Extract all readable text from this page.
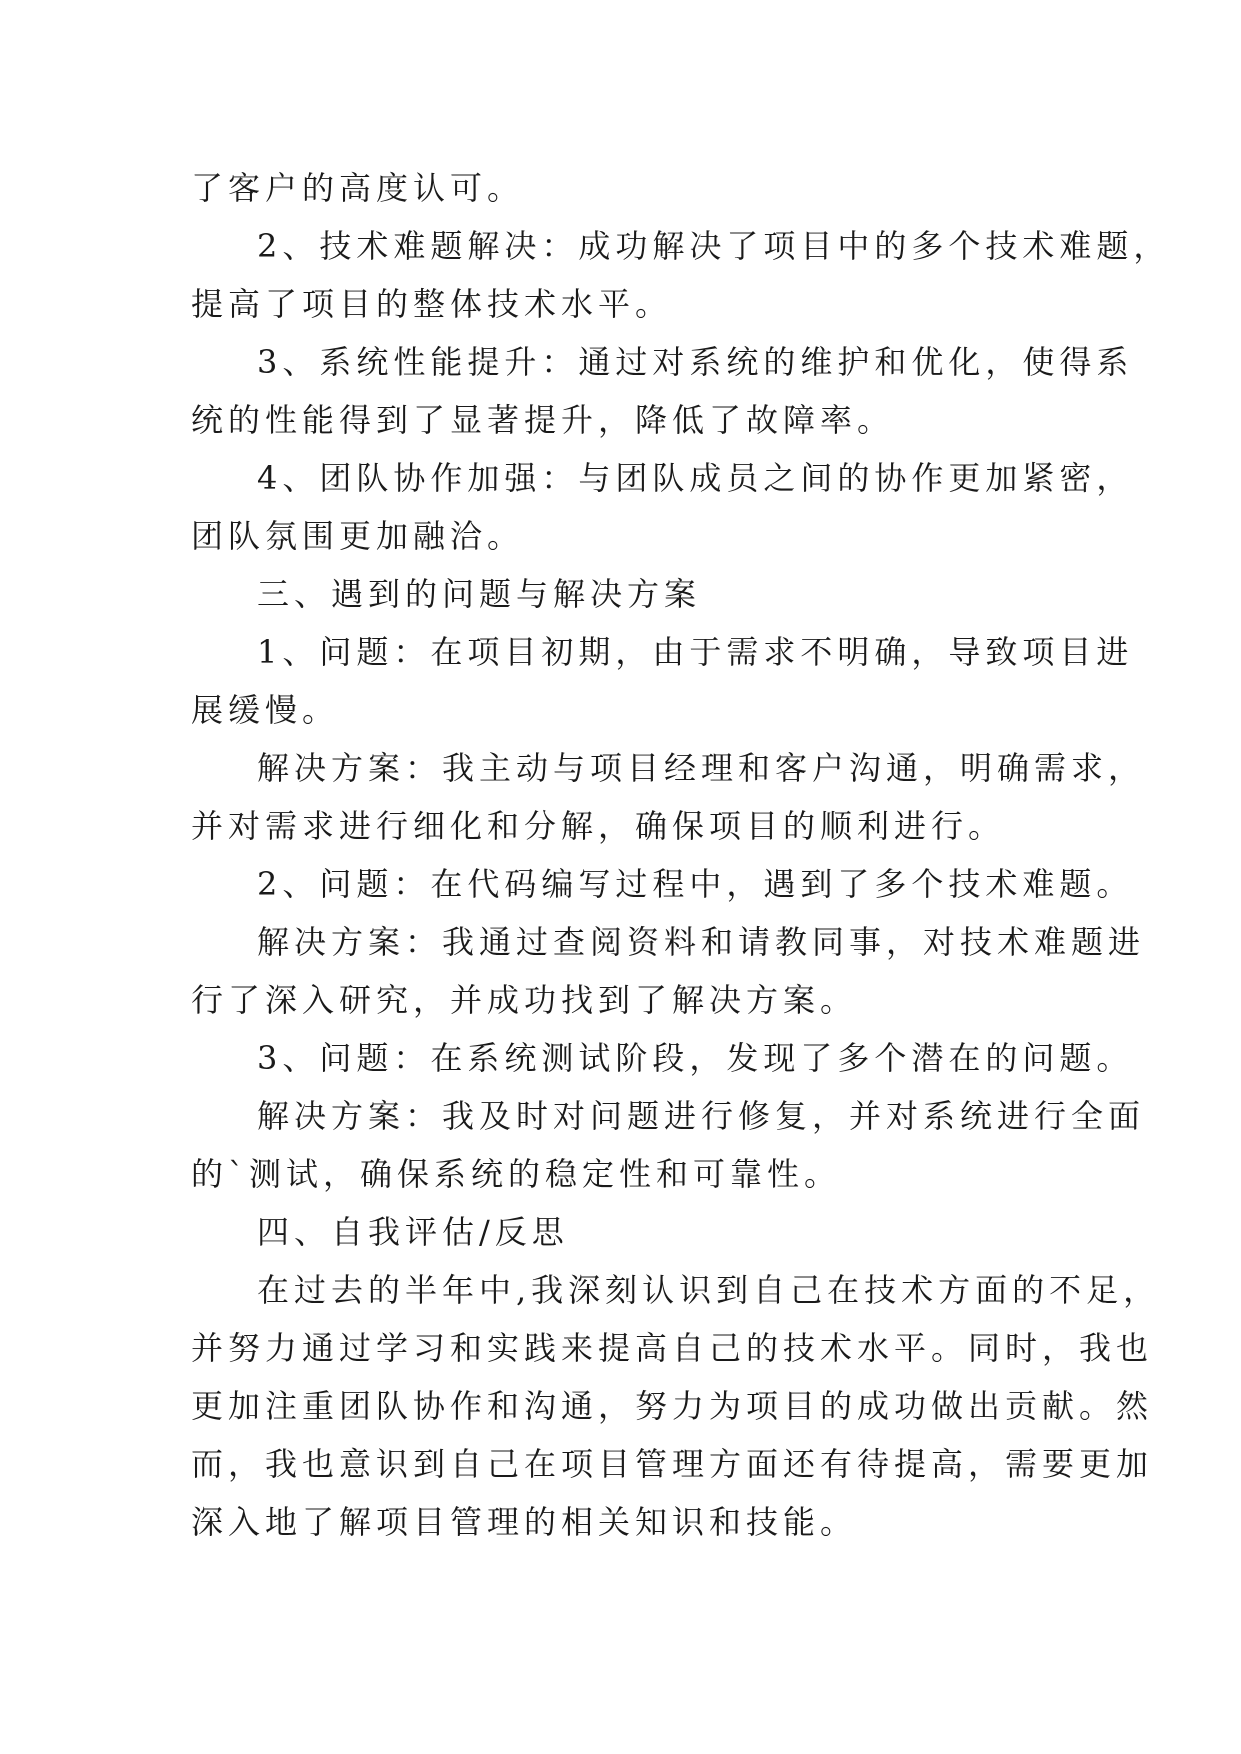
了客户的高度认可。
2、技术难题解决：成功解决了项目中的多个技术难题，
提高了项目的整体技术水平。
3、系统性能提升：通过对系统的维护和优化，使得系
统的性能得到了显著提升，降低了故障率。
4、团队协作加强：与团队成员之间的协作更加紧密，
团队氛围更加融洽。
三、遇到的问题与解决方案
1、问题：在项目初期，由于需求不明确，导致项目进
展缓慢。
解决方案：我主动与项目经理和客户沟通，明确需求，
并对需求进行细化和分解，确保项目的顺利进行。
2、问题：在代码编写过程中，遇到了多个技术难题。
解决方案：我通过查阅资料和请教同事，对技术难题进
行了深入研究，并成功找到了解决方案。
3、问题：在系统测试阶段，发现了多个潜在的问题。
解决方案：我及时对问题进行修复，并对系统进行全面
的`测试，确保系统的稳定性和可靠性。
四、自我评估/反思
在过去的半年中,我深刻认识到自己在技术方面的不足，
并努力通过学习和实践来提高自己的技术水平。同时，我也
更加注重团队协作和沟通，努力为项目的成功做出贡献。然
而，我也意识到自己在项目管理方面还有待提高，需要更加
深入地了解项目管理的相关知识和技能。
